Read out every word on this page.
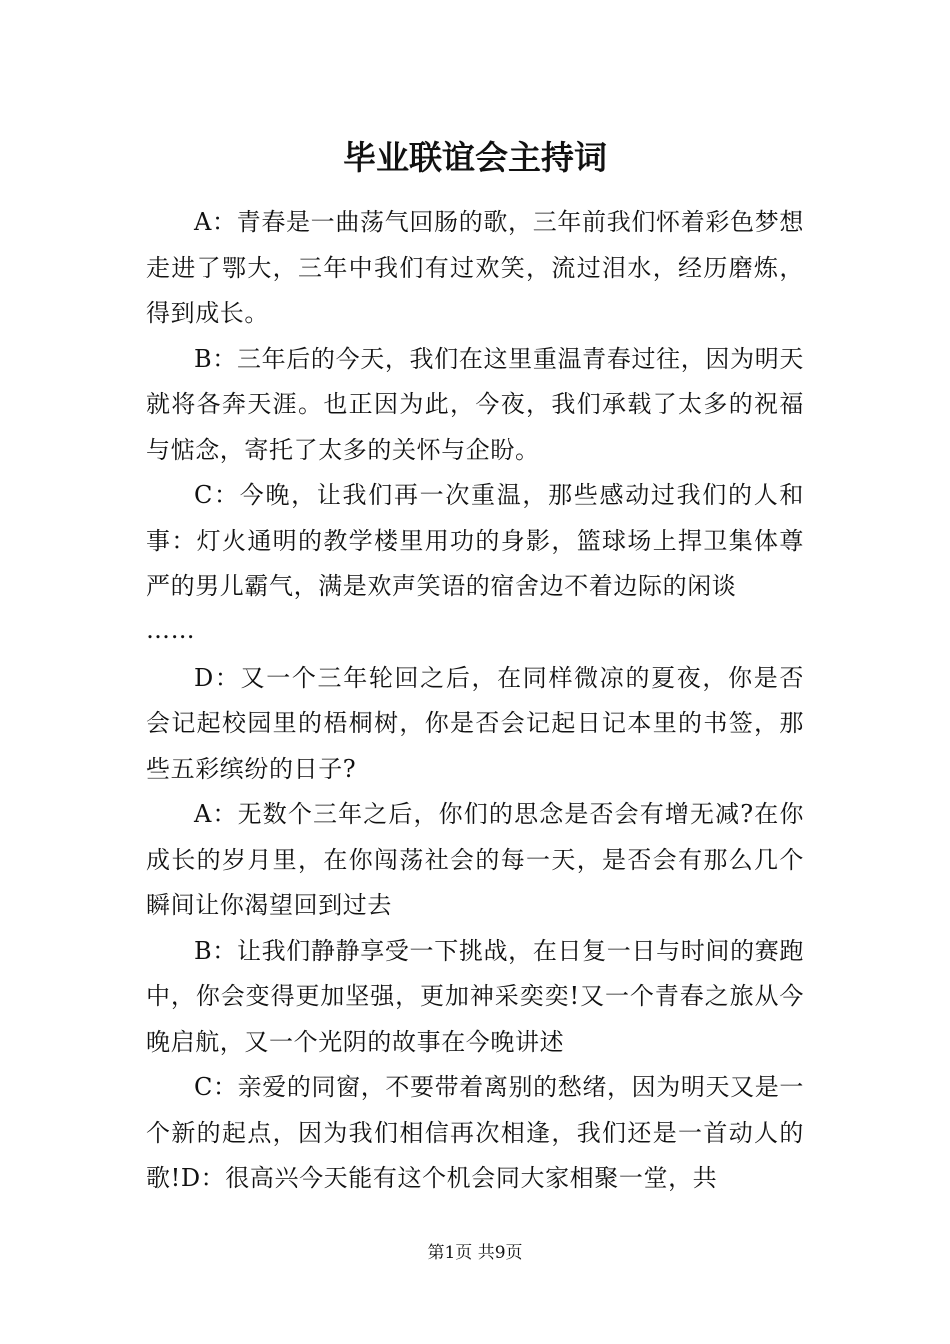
毕业联谊会主持词

A：青春是一曲荡气回肠的歌，三年前我们怀着彩色梦想走进了鄂大，三年中我们有过欢笑，流过泪水，经历磨炼，得到成长。

B：三年后的今天，我们在这里重温青春过往，因为明天就将各奔天涯。也正因为此，今夜，我们承载了太多的祝福与惦念，寄托了太多的关怀与企盼。

C：今晚，让我们再一次重温，那些感动过我们的人和事：灯火通明的教学楼里用功的身影，篮球场上捍卫集体尊严的男儿霸气，满是欢声笑语的宿舍边不着边际的闲谈

……

D：又一个三年轮回之后，在同样微凉的夏夜，你是否会记起校园里的梧桐树，你是否会记起日记本里的书签，那些五彩缤纷的日子?

A：无数个三年之后，你们的思念是否会有增无减?在你成长的岁月里，在你闯荡社会的每一天，是否会有那么几个瞬间让你渴望回到过去

B：让我们静静享受一下挑战，在日复一日与时间的赛跑中，你会变得更加坚强，更加神采奕奕!又一个青春之旅从今晚启航，又一个光阴的故事在今晚讲述

C：亲爱的同窗，不要带着离别的愁绪，因为明天又是一个新的起点，因为我们相信再次相逢，我们还是一首动人的歌!D：很高兴今天能有这个机会同大家相聚一堂，共

第1页 共9页
